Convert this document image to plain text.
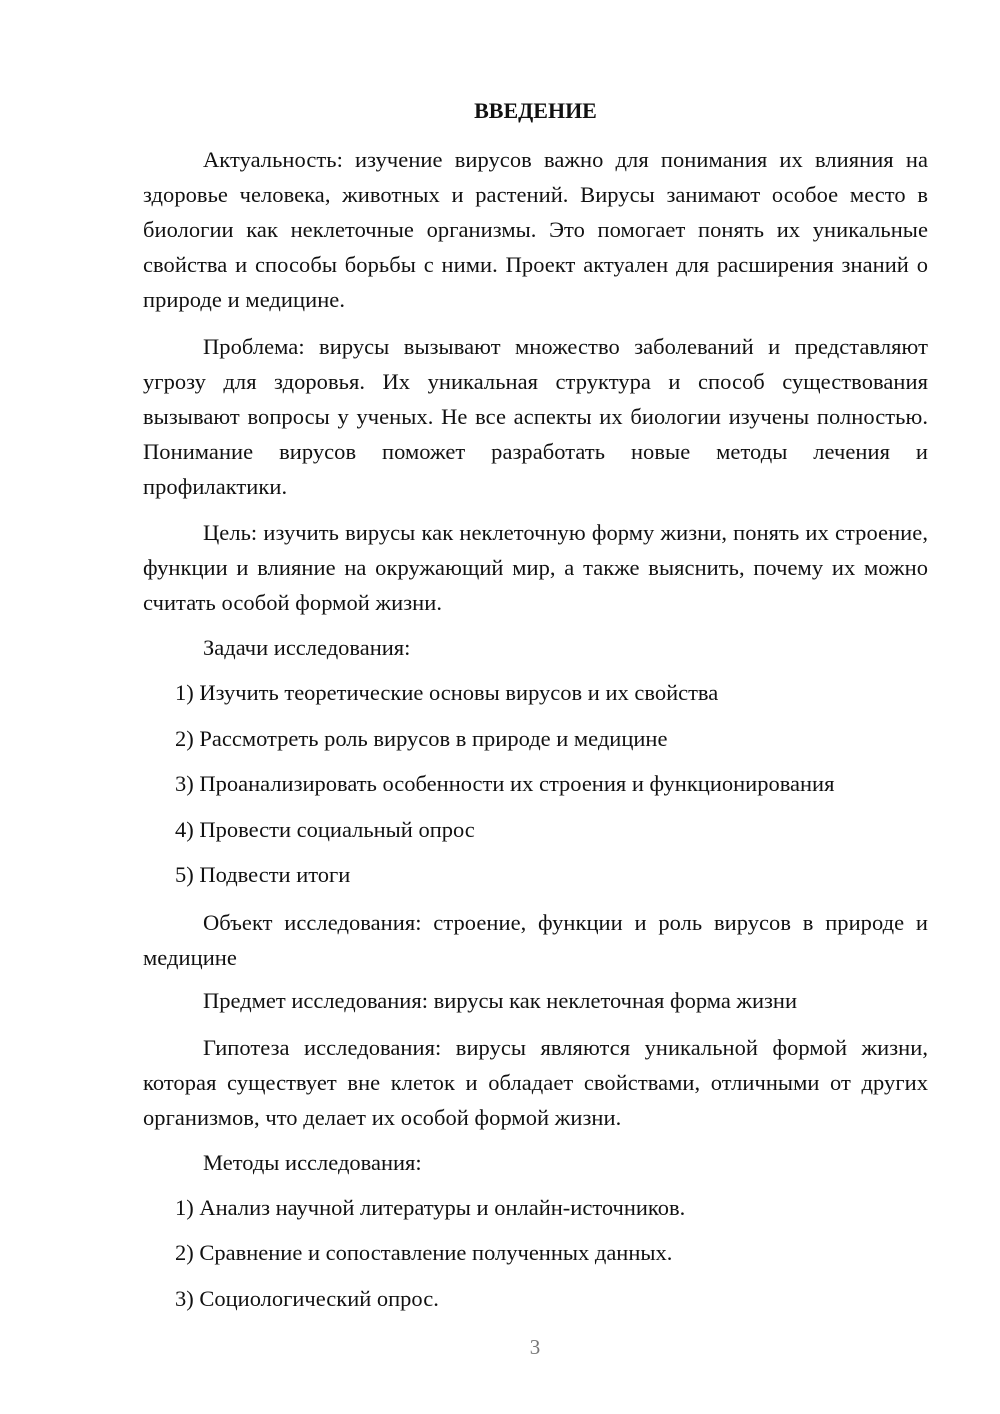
ВВЕДЕНИЕ

Актуальность: изучение вирусов важно для понимания их влияния на здоровье человека, животных и растений. Вирусы занимают особое место в биологии как неклеточные организмы. Это помогает понять их уникальные свойства и способы борьбы с ними. Проект актуален для расширения знаний о природе и медицине.

Проблема: вирусы вызывают множество заболеваний и представляют угрозу для здоровья. Их уникальная структура и способ существования вызывают вопросы у ученых. Не все аспекты их биологии изучены полностью. Понимание вирусов поможет разработать новые методы лечения и профилактики.

Цель: изучить вирусы как неклеточную форму жизни, понять их строение, функции и влияние на окружающий мир, а также выяснить, почему их можно считать особой формой жизни.

Задачи исследования:

1) Изучить теоретические основы вирусов и их свойства

2) Рассмотреть роль вирусов в природе и медицине

3) Проанализировать особенности их строения и функционирования

4) Провести социальный опрос

5) Подвести итоги

Объект исследования: строение, функции и роль вирусов в природе и медицине

Предмет исследования: вирусы как неклеточная форма жизни

Гипотеза исследования: вирусы являются уникальной формой жизни, которая существует вне клеток и обладает свойствами, отличными от других организмов, что делает их особой формой жизни.

Методы исследования:

1) Анализ научной литературы и онлайн-источников.

2) Сравнение и сопоставление полученных данных.

3) Социологический опрос.

3
